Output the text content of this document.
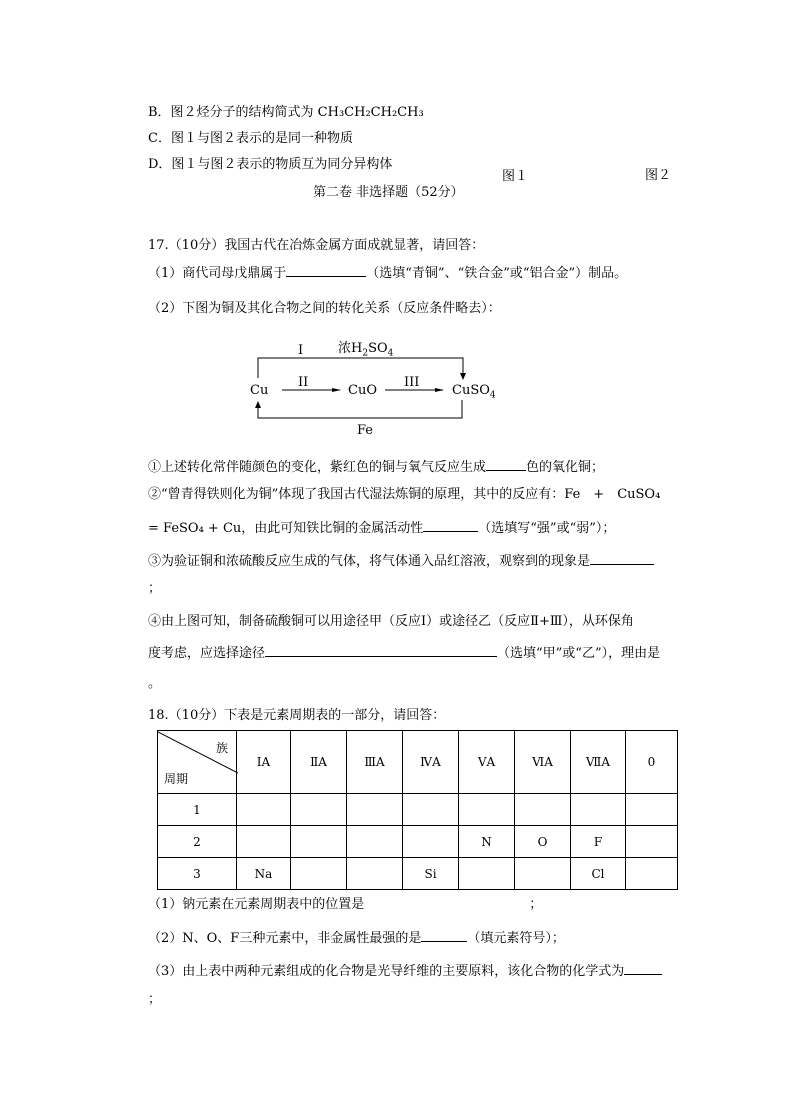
B．图２烃分子的结构简式为 CH₃CH₂CH₂CH₃
C．图１与图２表示的是同一种物质
D．图１与图２表示的物质互为同分异构体
图１	图２
第二卷 非选择题（52分）
17.（10分）我国古代在冶炼金属方面成就显著，请回答：
（1）商代司母戊鼎属于	（选填“青铜”、“铁合金”或“铝合金”）制品。
（2）下图为铜及其化合物之间的转化关系（反应条件略去）：
I	浓$H_2SO_4$
Cu
II
CuO
III
CuSO$_4$
Fe
①上述转化常伴随颜色的变化，紫红色的铜与氧气反应生成	色的氧化铜；
②“曾青得铁则化为铜”体现了我国古代湿法炼铜的原理，其中的反应有：Fe　+　CuSO₄
= FeSO₄ + Cu，由此可知铁比铜的金属活动性	（选填写“强”或“弱”）；
③为验证铜和浓硫酸反应生成的气体，将气体通入品红溶液，观察到的现象是
；
④由上图可知，制备硫酸铜可以用途径甲（反应Ⅰ）或途径乙（反应Ⅱ+Ⅲ），从环保角
度考虑，应选择途径	（选填“甲”或“乙”），理由是
。
18.（10分）下表是元素周期表的一部分，请回答：
族
周期	ⅠA	ⅡA	ⅢA	ⅣA	ⅤA	ⅥA	ⅦA	0
1								
2					N	O	F	
3	Na			Si			Cl	
（1）钠元素在元素周期表中的位置是	；
（2）N、O、F三种元素中，非金属性最强的是	（填元素符号）；
（3）由上表中两种元素组成的化合物是光导纤维的主要原料，该化合物的化学式为
；
